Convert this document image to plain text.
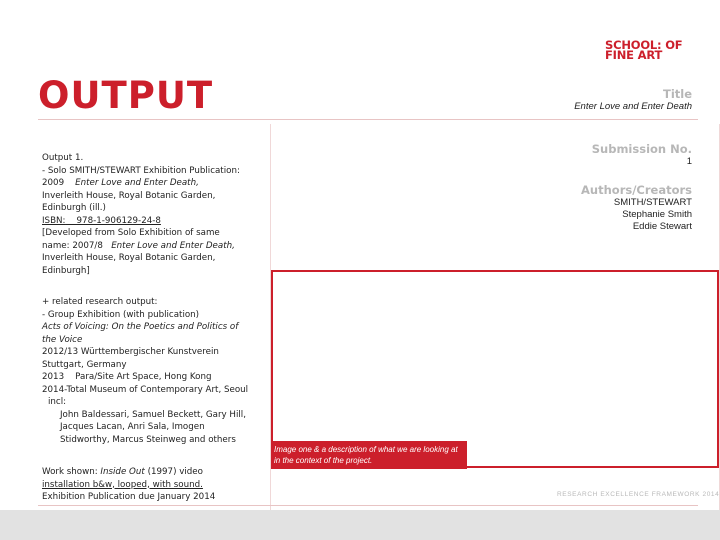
SCHOOL: OF
FINE ART
OUTPUT	Title
Enter Love and Enter Death
Submission No.
1
Authors/Creators
SMITH/STEWART
Stephanie Smith
Eddie Stewart
Output 1.
- Solo SMITH/STEWART Exhibition Publication:
2009 Enter Love and Enter Death,
Inverleith House, Royal Botanic Garden,
Edinburgh (ill.)
ISBN: 978-1-906129-24-8
[Developed from Solo Exhibition of same
name: 2007/8 Enter Love and Enter Death,
Inverleith House, Royal Botanic Garden,
Edinburgh]
+ related research output:
- Group Exhibition (with publication)
Acts of Voicing: On the Poetics and Politics of
the Voice
2012/13 Württembergischer Kunstverein
Stuttgart, Germany
2013    Para/Site Art Space, Hong Kong
2014-Total Museum of Contemporary Art, Seoul
incl:
John Baldessari, Samuel Beckett, Gary Hill,
Jacques Lacan, Anri Sala, Imogen
Stidworthy, Marcus Steinweg and others
Work shown: Inside Out (1997) video
installation b&w, looped, with sound.
Exhibition Publication due January 2014
Image one & a description of what we are looking at in the context of the project.
RESEARCH EXCELLENCE FRAMEWORK 2014
